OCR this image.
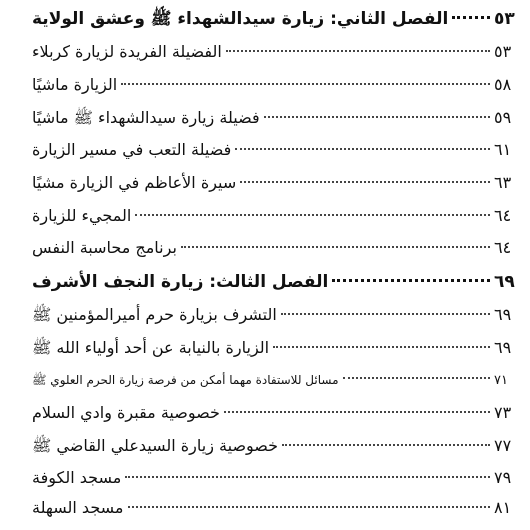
الفصل الثاني: زيارة سيدالشهداء ﷺ وعشق الولاية	٥٣
الفضيلة الفريدة لزيارة كربلاء	٥٣
الزيارة ماشيًا	٥٨
فضيلة زيارة سيدالشهداء ﷺ ماشيًا	٥٩
فضيلة التعب في مسير الزيارة	٦١
سيرة الأعاظم في الزيارة مشيًا	٦٣
المجيء للزيارة	٦٤
برنامج محاسبة النفس	٦٤
الفصل الثالث: زيارة النجف الأشرف	٦٩
التشرف بزيارة حرم أميرالمؤمنين ﷺ	٦٩
الزيارة بالنيابة عن أحد أولياء الله ﷺ	٦٩
مسائل للاستفادة مهما أمكن من فرصة زيارة الحرم العلوي ﷺ	٧١
خصوصية مقبرة وادي السلام	٧٣
خصوصية زيارة السيدعلي القاضي ﷺ	٧٧
مسجد الكوفة	٧٩
مسجد السهلة	٨١
